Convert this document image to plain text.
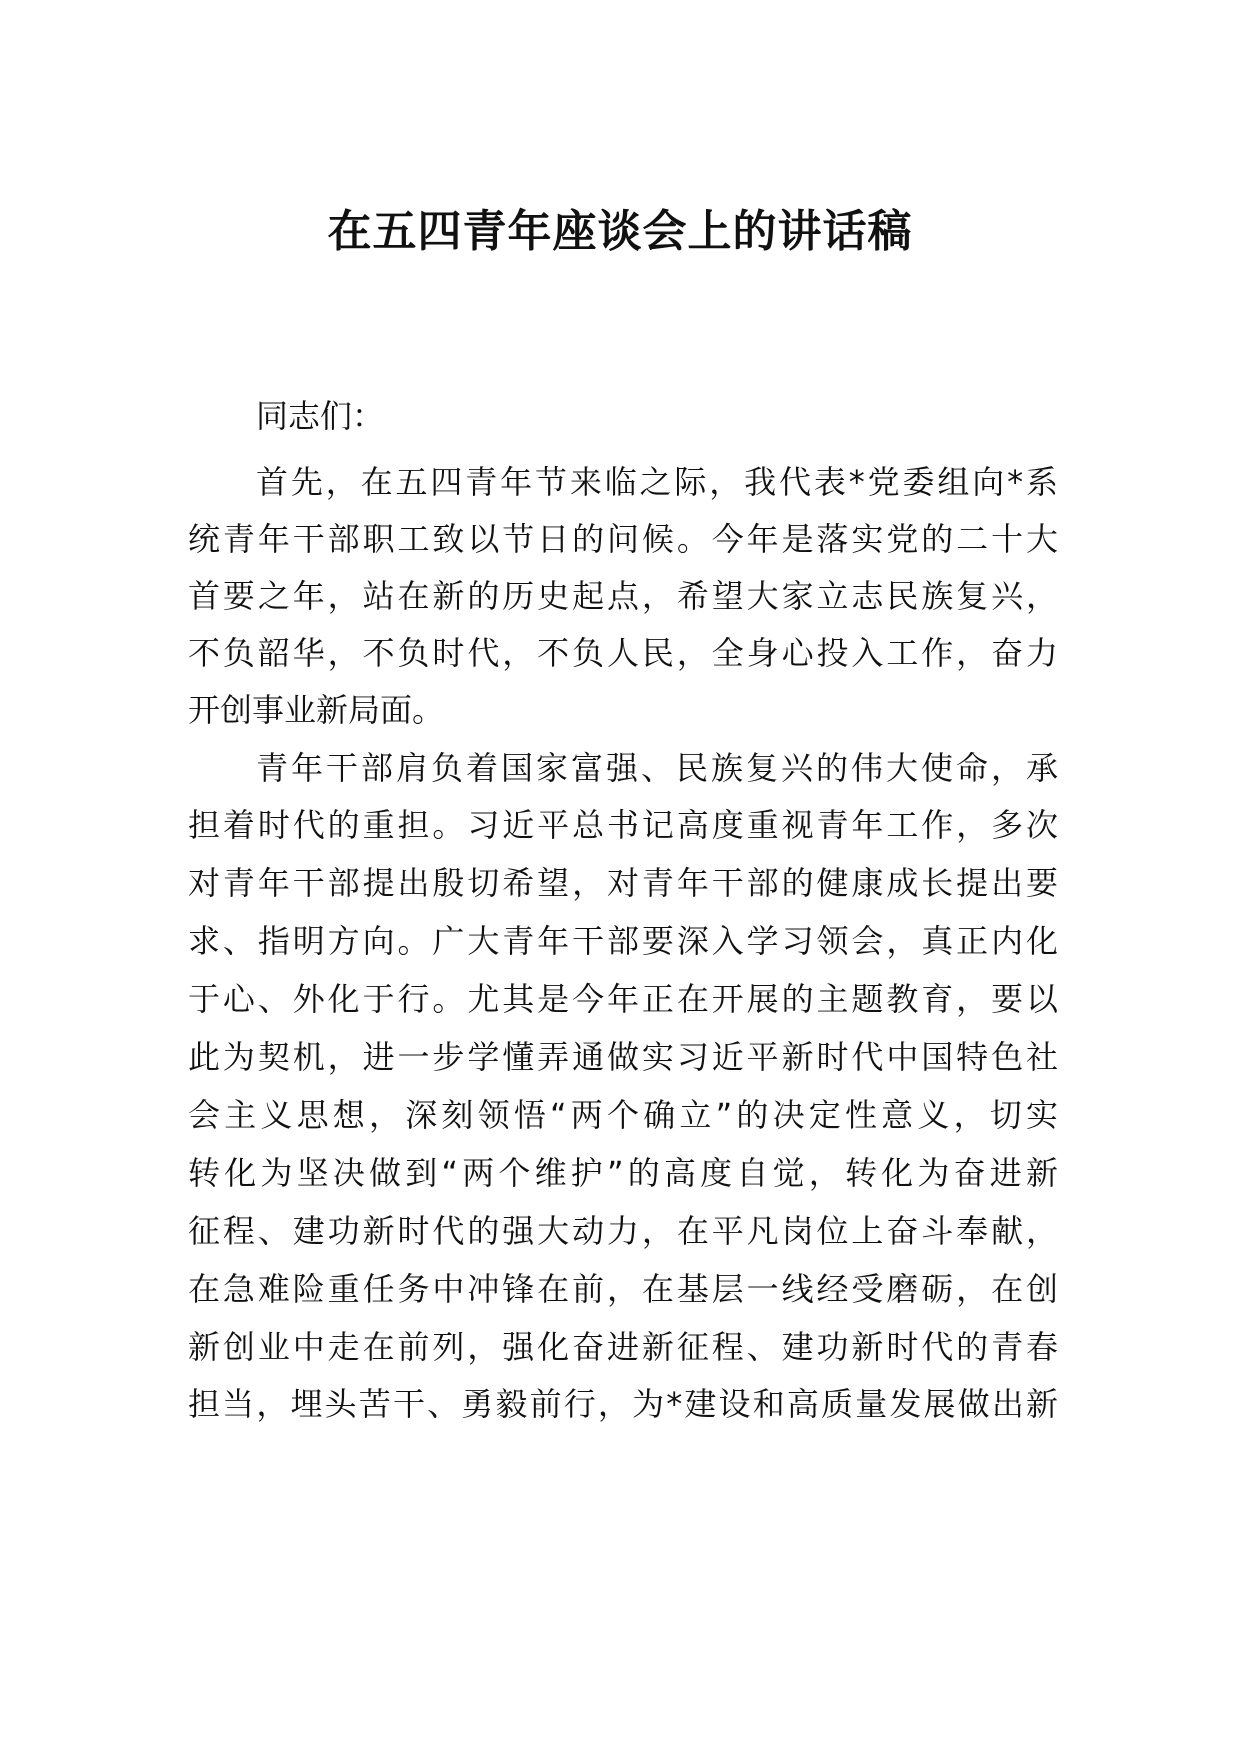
在五四青年座谈会上的讲话稿
同志们：
首先，在五四青年节来临之际，我代表*党委组向*系
统青年干部职工致以节日的问候。今年是落实党的二十大
首要之年，站在新的历史起点，希望大家立志民族复兴，
不负韶华，不负时代，不负人民，全身心投入工作，奋力
开创事业新局面。
青年干部肩负着国家富强、民族复兴的伟大使命，承
担着时代的重担。习近平总书记高度重视青年工作，多次
对青年干部提出殷切希望，对青年干部的健康成长提出要
求、指明方向。广大青年干部要深入学习领会，真正内化
于心、外化于行。尤其是今年正在开展的主题教育，要以
此为契机，进一步学懂弄通做实习近平新时代中国特色社
会主义思想，深刻领悟“两个确立”的决定性意义，切实
转化为坚决做到“两个维护”的高度自觉，转化为奋进新
征程、建功新时代的强大动力，在平凡岗位上奋斗奉献，
在急难险重任务中冲锋在前，在基层一线经受磨砺，在创
新创业中走在前列，强化奋进新征程、建功新时代的青春
担当，埋头苦干、勇毅前行，为*建设和高质量发展做出新
